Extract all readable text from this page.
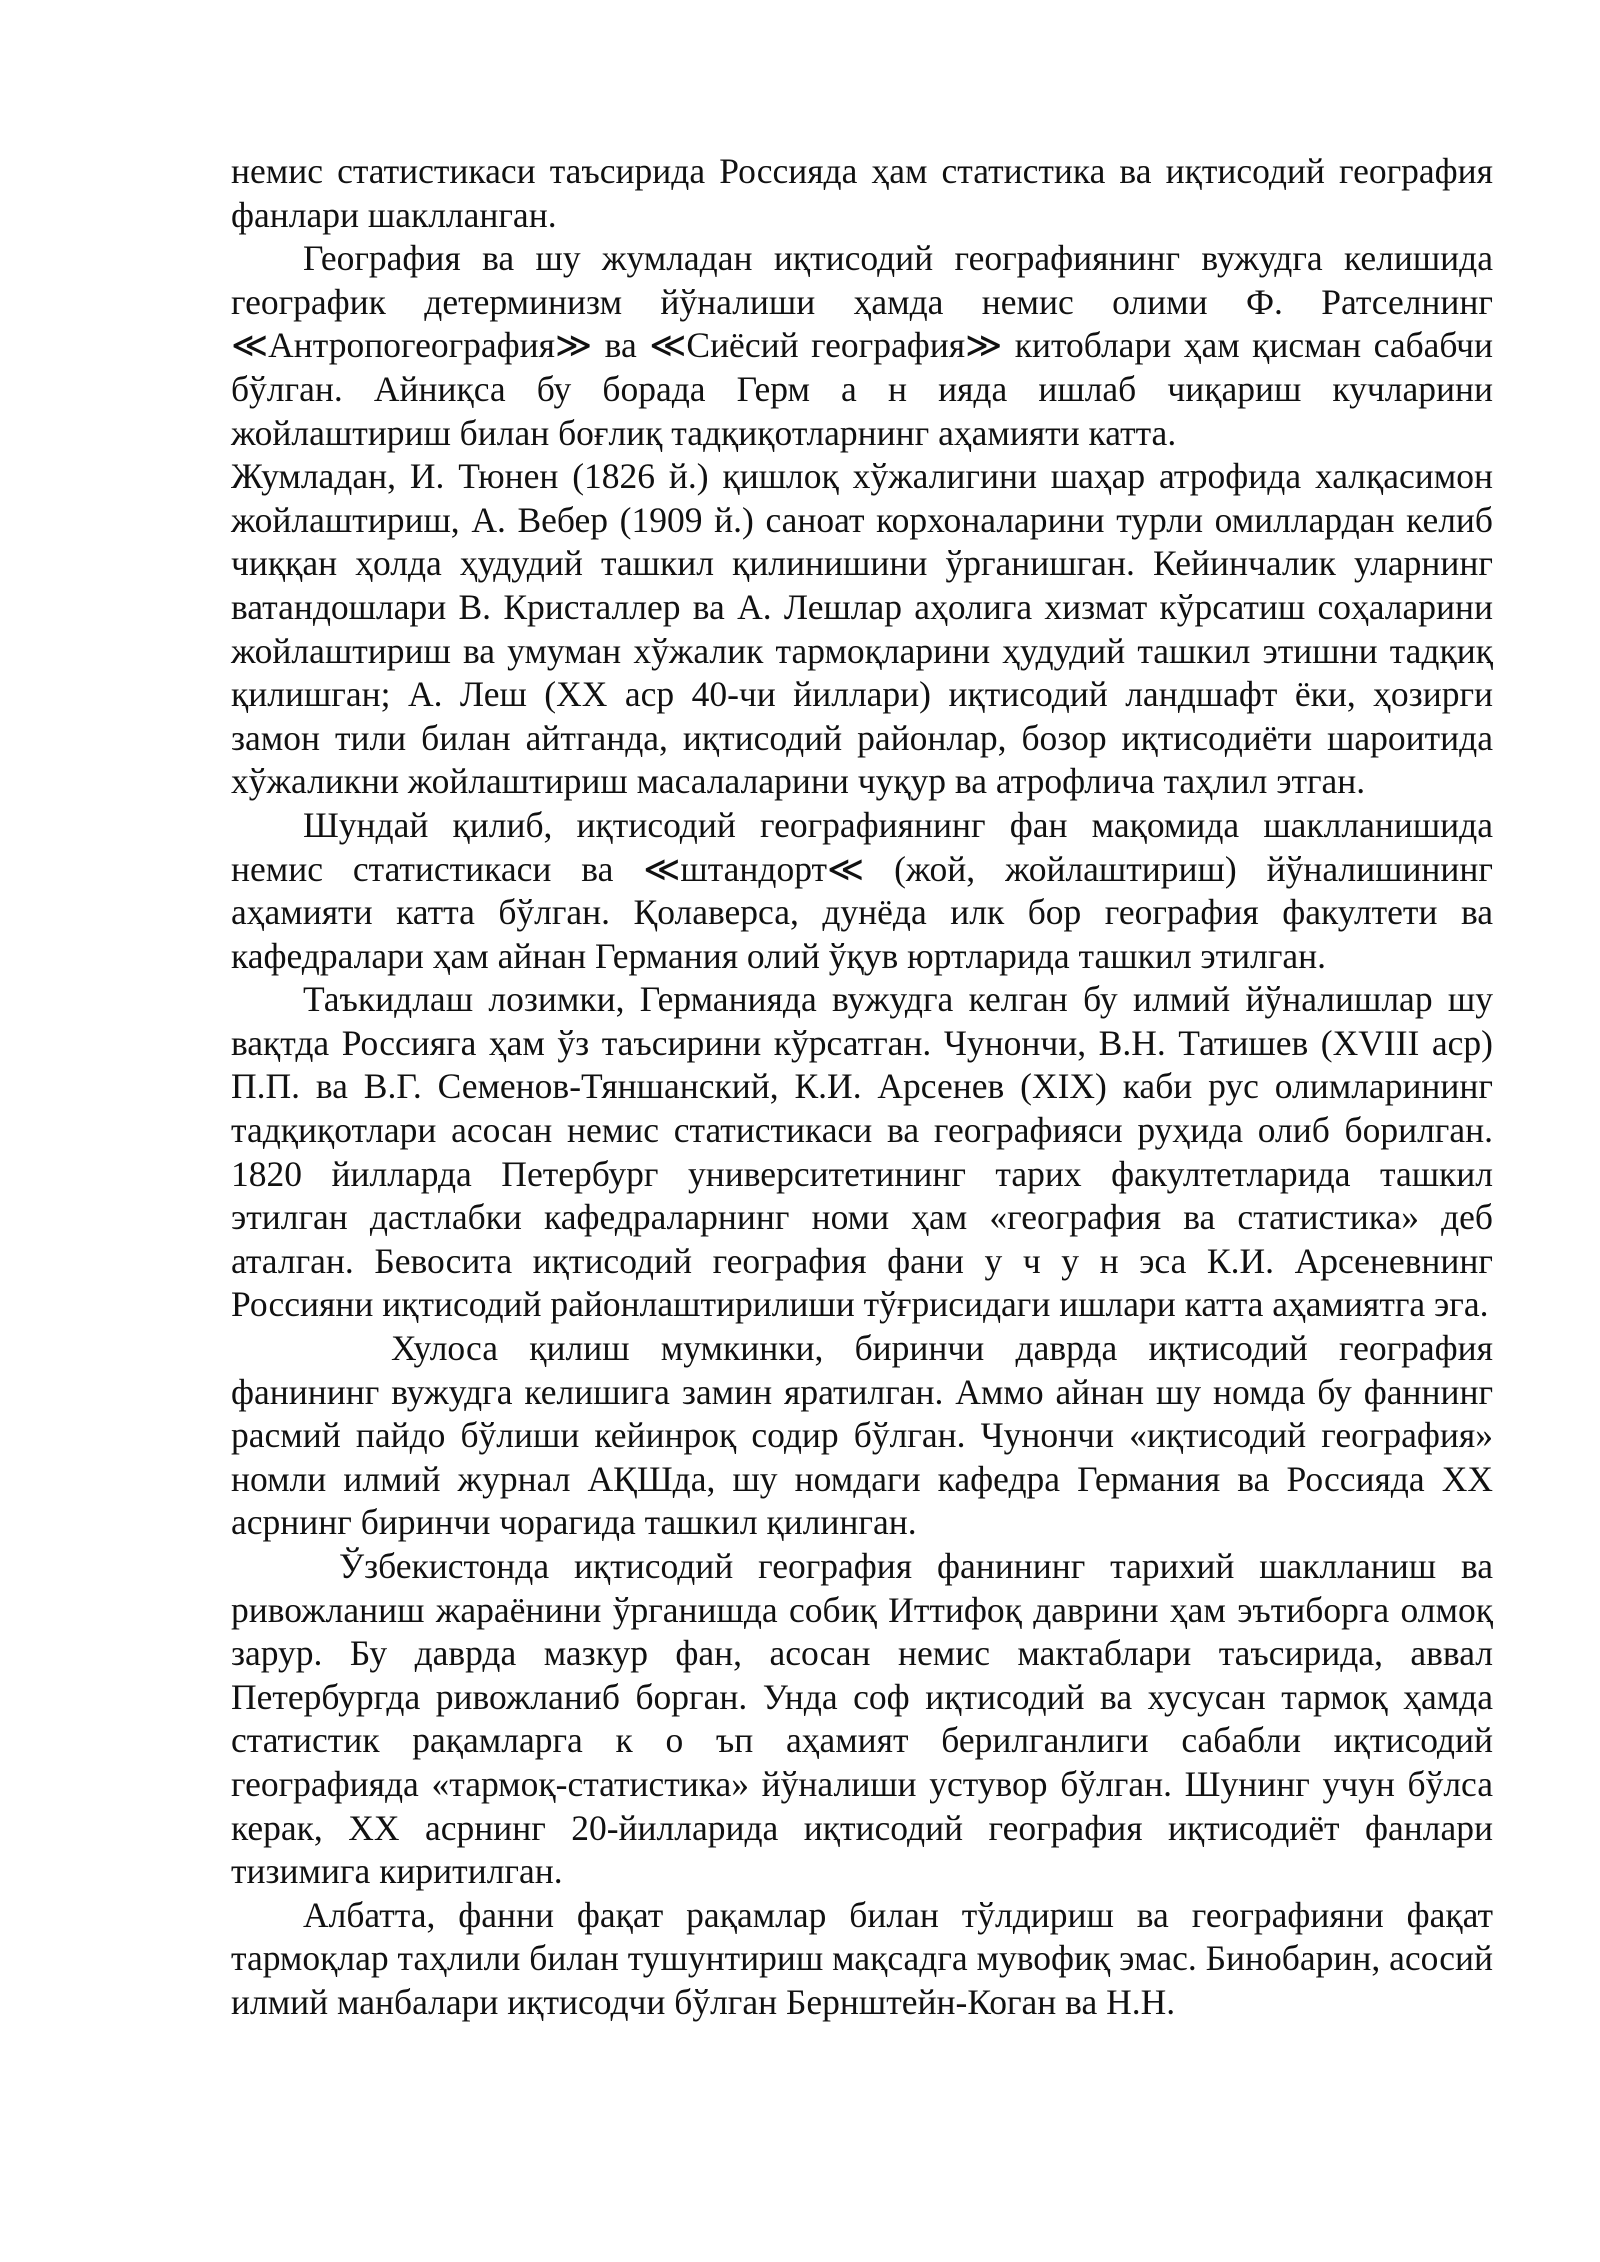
немис статистикаси таъсирида Россияда ҳам статистика ва иқтисодий география фанлари шаклланган.

География ва шу жумладан иқтисодий географиянинг вужудга келишида географик детерминизм йўналиши ҳамда немис олими Ф. Ратселнинг ≪Антропогеография≫ ва ≪Сиёсий география≫ китоблари ҳам қисман сабабчи бўлган. Айниқса бу борада Герм а н ияда ишлаб чиқариш кучларини жойлаштириш билан боғлиқ тадқиқотларнинг аҳамияти катта.

Жумладан, И. Тюнен (1826 й.) қишлоқ хўжалигини шаҳар атрофида халқасимон жойлаштириш, А. Вебер (1909 й.) саноат корхоналарини турли омиллардан келиб чиққан ҳолда ҳудудий ташкил қилинишини ўрганишган. Кейинчалик уларнинг ватандошлари В. Кристаллер ва А. Лешлар аҳолига хизмат кўрсатиш соҳаларини жойлаштириш ва умуман хўжалик тармоқларини ҳудудий ташкил этишни тадқиқ қилишган; А. Леш (ХХ аср 40-чи йиллари) иқтисодий ландшафт ёки, ҳозирги замон тили билан айтганда, иқтисодий районлар, бозор иқтисодиёти шароитида хўжаликни жойлаштириш масалаларини чуқур ва атрофлича таҳлил этган.

Шундай қилиб, иқтисодий географиянинг фан мақомида шаклланишида немис статистикаси ва ≪штандорт≪ (жой, жойлаштириш) йўналишининг аҳамияти катта бўлган. Қолаверса, дунёда илк бор география факултети ва кафедралари ҳам айнан Германия олий ўқув юртларида ташкил этилган.

Таъкидлаш лозимки, Германияда вужудга келган бу илмий йўналишлар шу вақтда Россияга ҳам ўз таъсирини кўрсатган. Чунончи, В.Н. Татишев (XVIII аср) П.П. ва В.Г. Семенов-Тяншанский, К.И. Арсенев (XIX) каби рус олимларининг тадқиқотлари асосан немис статистикаси ва географияси руҳида олиб борилган. 1820 йилларда Петербург университетининг тарих факултетларида ташкил этилган дастлабки кафедраларнинг номи ҳам «география ва статистика» деб аталган. Бевосита иқтисодий география фани у ч у н эса К.И. Арсеневнинг Россияни иқтисодий районлаштирилиши тўғрисидаги ишлари катта аҳамиятга эга.

Хулоса қилиш мумкинки, биринчи даврда иқтисодий география фанининг вужудга келишига замин яратилган. Аммо айнан шу номда бу фаннинг расмий пайдо бўлиши кейинроқ содир бўлган. Чунончи «иқтисодий география» номли илмий журнал АҚШда, шу номдаги кафедра Германия ва Россияда XX асрнинг биринчи чорагида ташкил қилинган.

Ўзбекистонда иқтисодий география фанининг тарихий шаклланиш ва ривожланиш жараёнини ўрганишда собиқ Иттифоқ даврини ҳам эътиборга олмоқ зарур. Бу даврда мазкур фан, асосан немис мактаблари таъсирида, аввал Петербургда ривожланиб борган. Унда соф иқтисодий ва хусусан тармоқ ҳамда статистик рақамларга к о ъп аҳамият берилганлиги сабабли иқтисодий географияда «тармоқ-статистика» йўналиши устувор бўлган. Шунинг учун бўлса керак, XX асрнинг 20-йилларида иқтисодий география иқтисодиёт фанлари тизимига киритилган.

Албатта, фанни фақат рақамлар билан тўлдириш ва географияни фақат тармоқлар таҳлили билан тушунтириш мақсадга мувофиқ эмас. Бинобарин, асосий илмий манбалари иқтисодчи бўлган Бернштейн-Коган ва Н.Н.
